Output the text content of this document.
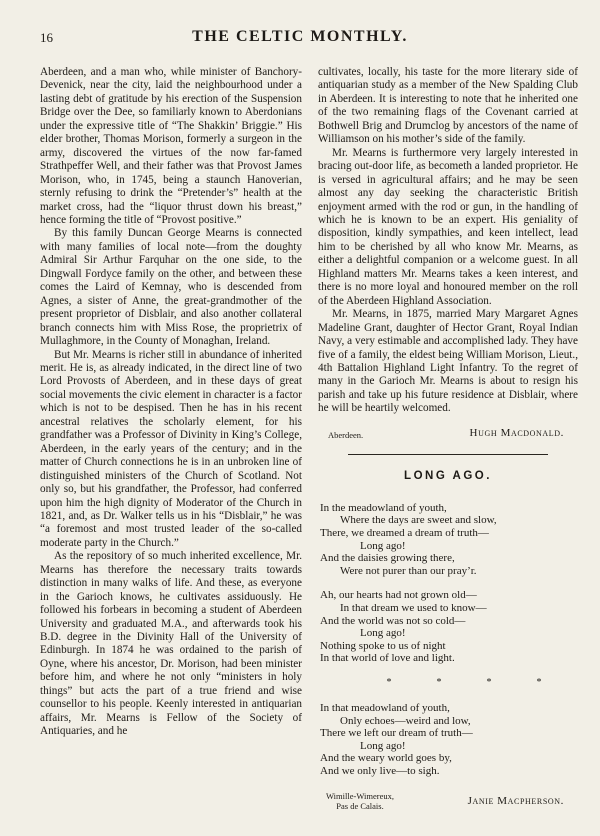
16	THE CELTIC MONTHLY.

Aberdeen, and a man who, while minister of Banchory-Devenick, near the city, laid the neighbourhood under a lasting debt of gratitude by his erection of the Suspension Bridge over the Dee, so familiarly known to Aberdonians under the expressive title of “The Shakkin’ Briggie.” His elder brother, Thomas Morison, formerly a surgeon in the army, discovered the virtues of the now far-famed Strathpeffer Well, and their father was that Provost James Morison, who, in 1745, being a staunch Hanoverian, sternly refusing to drink the “Pretender’s” health at the market cross, had the “liquor thrust down his breast,” hence forming the title of “Provost positive.”

By this family Duncan George Mearns is connected with many families of local note—from the doughty Admiral Sir Arthur Farquhar on the one side, to the Dingwall Fordyce family on the other, and between these comes the Laird of Kemnay, who is descended from Agnes, a sister of Anne, the great-grandmother of the present proprietor of Disblair, and also another collateral branch connects him with Miss Rose, the proprietrix of Mullaghmore, in the County of Monaghan, Ireland.

But Mr. Mearns is richer still in abundance of inherited merit. He is, as already indicated, in the direct line of two Lord Provosts of Aberdeen, and in these days of great social movements the civic element in character is a factor which is not to be despised. Then he has in his recent ancestral relatives the scholarly element, for his grandfather was a Professor of Divinity in King’s College, Aberdeen, in the early years of the century; and in the matter of Church connections he is in an unbroken line of distinguished ministers of the Church of Scotland. Not only so, but his grandfather, the Professor, had conferred upon him the high dignity of Moderator of the Church in 1821, and, as Dr. Walker tells us in his “Disblair,” he was “a foremost and most trusted leader of the so-called moderate party in the Church.”

As the repository of so much inherited excellence, Mr. Mearns has therefore the necessary traits towards distinction in many walks of life. And these, as everyone in the Garioch knows, he cultivates assiduously. He followed his forbears in becoming a student of Aberdeen University and graduated M.A., and afterwards took his B.D. degree in the Divinity Hall of the University of Edinburgh. In 1874 he was ordained to the parish of Oyne, where his ancestor, Dr. Morison, had been minister before him, and where he not only “ministers in holy things” but acts the part of a true friend and wise counsellor to his people. Keenly interested in antiquarian affairs, Mr. Mearns is Fellow of the Society of Antiquaries, and he

cultivates, locally, his taste for the more literary side of antiquarian study as a member of the New Spalding Club in Aberdeen. It is interesting to note that he inherited one of the two remaining flags of the Covenant carried at Bothwell Brig and Drumclog by ancestors of the name of Williamson on his mother’s side of the family.

Mr. Mearns is furthermore very largely interested in bracing out-door life, as becometh a landed proprietor. He is versed in agricultural affairs; and he may be seen almost any day seeking the characteristic British enjoyment armed with the rod or gun, in the handling of which he is known to be an expert. His geniality of disposition, kindly sympathies, and keen intellect, lead him to be cherished by all who know Mr. Mearns, as either a delightful companion or a welcome guest. In all Highland matters Mr. Mearns takes a keen interest, and there is no more loyal and honoured member on the roll of the Aberdeen Highland Association.

Mr. Mearns, in 1875, married Mary Margaret Agnes Madeline Grant, daughter of Hector Grant, Royal Indian Navy, a very estimable and accomplished lady. They have five of a family, the eldest being William Morison, Lieut., 4th Battalion Highland Light Infantry. To the regret of many in the Garioch Mr. Mearns is about to resign his parish and take up his future residence at Disblair, where he will be heartily welcomed.

Aberdeen.	Hugh Macdonald.
LONG AGO.
In the meadowland of youth,
Where the days are sweet and slow,
There, we dreamed a dream of truth—
Long ago!
And the daisies growing there,
Were not purer than our pray’r.
Ah, our hearts had not grown old—
In that dream we used to know—
And the world was not so cold—
Long ago!
Nothing spoke to us of night
In that world of love and light.
*	*	*	*
In that meadowland of youth,
Only echoes—weird and low,
There we left our dream of truth—
Long ago!
And the weary world goes by,
And we only live—to sigh.
Wimille-Wimereux,
Pas de Calais.	Janie Macpherson.
